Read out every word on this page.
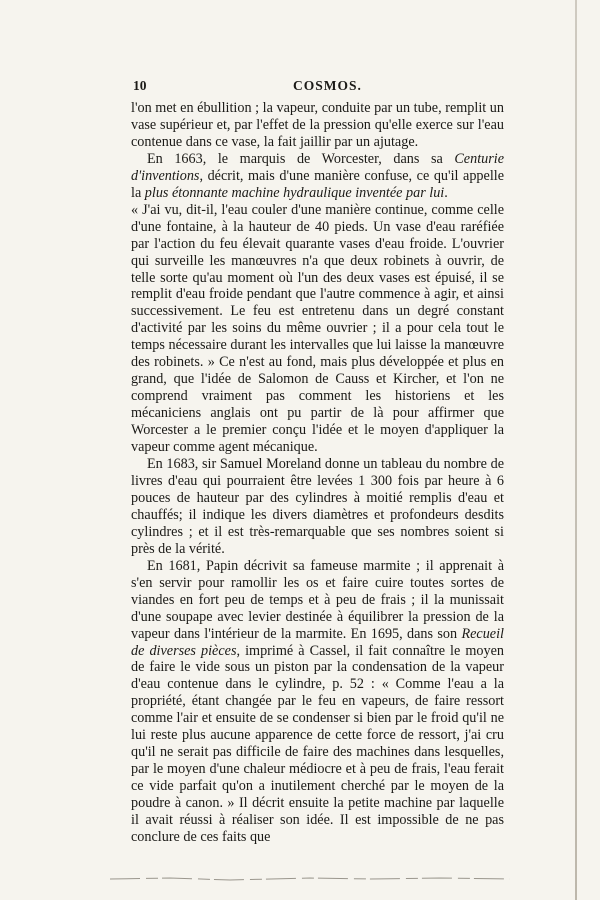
10	COSMOS.

l'on met en ébullition ; la vapeur, conduite par un tube, remplit un vase supérieur et, par l'effet de la pression qu'elle exerce sur l'eau contenue dans ce vase, la fait jaillir par un ajutage.

En 1663, le marquis de Worcester, dans sa Centurie d'inventions, décrit, mais d'une manière confuse, ce qu'il appelle la plus étonnante machine hydraulique inventée par lui.

« J'ai vu, dit-il, l'eau couler d'une manière continue, comme celle d'une fontaine, à la hauteur de 40 pieds. Un vase d'eau raréfiée par l'action du feu élevait quarante vases d'eau froide. L'ouvrier qui surveille les manœuvres n'a que deux robinets à ouvrir, de telle sorte qu'au moment où l'un des deux vases est épuisé, il se remplit d'eau froide pendant que l'autre commence à agir, et ainsi successivement. Le feu est entretenu dans un degré constant d'activité par les soins du même ouvrier ; il a pour cela tout le temps nécessaire durant les intervalles que lui laisse la manœuvre des robinets. » Ce n'est au fond, mais plus développée et plus en grand, que l'idée de Salomon de Causs et Kircher, et l'on ne comprend vraiment pas comment les historiens et les mécaniciens anglais ont pu partir de là pour affirmer que Worcester a le premier conçu l'idée et le moyen d'appliquer la vapeur comme agent mécanique.

En 1683, sir Samuel Moreland donne un tableau du nombre de livres d'eau qui pourraient être levées 1 300 fois par heure à 6 pouces de hauteur par des cylindres à moitié remplis d'eau et chauffés; il indique les divers diamètres et profondeurs desdits cylindres ; et il est très-remarquable que ses nombres soient si près de la vérité.

En 1681, Papin décrivit sa fameuse marmite ; il apprenait à s'en servir pour ramollir les os et faire cuire toutes sortes de viandes en fort peu de temps et à peu de frais ; il la munissait d'une soupape avec levier destinée à équilibrer la pression de la vapeur dans l'intérieur de la marmite. En 1695, dans son Recueil de diverses pièces, imprimé à Cassel, il fait connaître le moyen de faire le vide sous un piston par la condensation de la vapeur d'eau contenue dans le cylindre, p. 52 : « Comme l'eau a la propriété, étant changée par le feu en vapeurs, de faire ressort comme l'air et ensuite de se condenser si bien par le froid qu'il ne lui reste plus aucune apparence de cette force de ressort, j'ai cru qu'il ne serait pas difficile de faire des machines dans lesquelles, par le moyen d'une chaleur médiocre et à peu de frais, l'eau ferait ce vide parfait qu'on a inutilement cherché par le moyen de la poudre à canon. » Il décrit ensuite la petite machine par laquelle il avait réussi à réaliser son idée. Il est impossible de ne pas conclure de ces faits que
